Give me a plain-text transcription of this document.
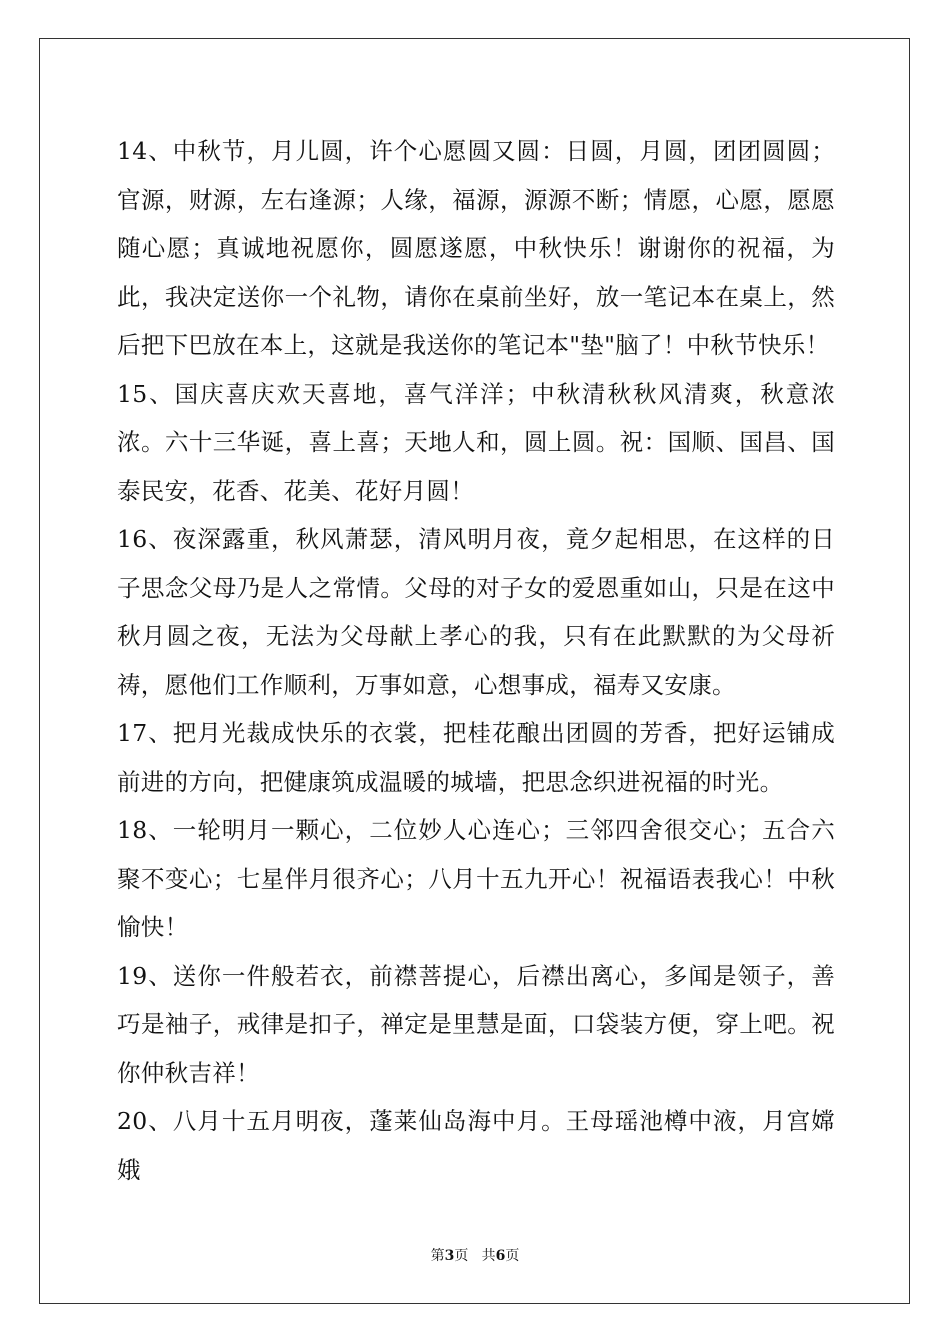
14、中秋节，月儿圆，许个心愿圆又圆：日圆，月圆，团团圆圆；官源，财源，左右逢源；人缘，福源，源源不断；情愿，心愿，愿愿随心愿；真诚地祝愿你，圆愿遂愿，中秋快乐！谢谢你的祝福，为此，我决定送你一个礼物，请你在桌前坐好，放一笔记本在桌上，然后把下巴放在本上，这就是我送你的笔记本"垫"脑了！中秋节快乐！

15、国庆喜庆欢天喜地，喜气洋洋；中秋清秋秋风清爽，秋意浓浓。六十三华诞，喜上喜；天地人和，圆上圆。祝：国顺、国昌、国泰民安，花香、花美、花好月圆！

16、夜深露重，秋风萧瑟，清风明月夜，竟夕起相思，在这样的日子思念父母乃是人之常情。父母的对子女的爱恩重如山，只是在这中秋月圆之夜，无法为父母献上孝心的我，只有在此默默的为父母祈祷，愿他们工作顺利，万事如意，心想事成，福寿又安康。

17、把月光裁成快乐的衣裳，把桂花酿出团圆的芳香，把好运铺成前进的方向，把健康筑成温暖的城墙，把思念织进祝福的时光。

18、一轮明月一颗心，二位妙人心连心；三邻四舍很交心；五合六聚不变心；七星伴月很齐心；八月十五九开心！祝福语表我心！中秋愉快！

19、送你一件般若衣，前襟菩提心，后襟出离心，多闻是领子，善巧是袖子，戒律是扣子，禅定是里慧是面，口袋装方便，穿上吧。祝你仲秋吉祥！

20、八月十五月明夜，蓬莱仙岛海中月。王母瑶池樽中液，月宫嫦娥

第3页 共6页
